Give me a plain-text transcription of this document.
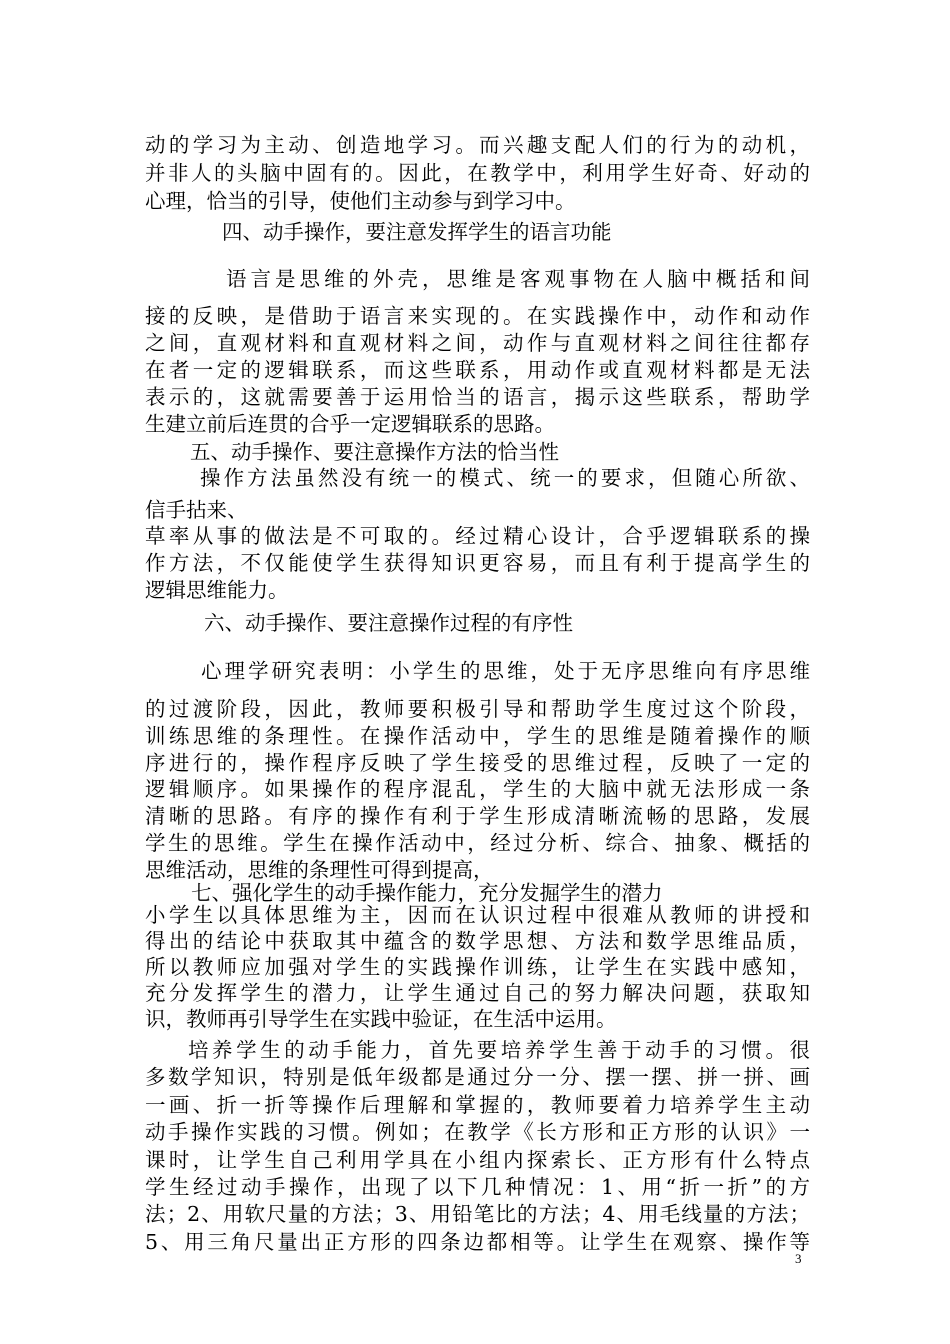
动的学习为主动、创造地学习。而兴趣支配人们的行为的动机，
并非人的头脑中固有的。因此，在教学中，利用学生好奇、好动的
心理，恰当的引导，使他们主动参与到学习中。
四、动手操作，要注意发挥学生的语言功能
语言是思维的外壳，思维是客观事物在人脑中概括和间
接的反映，是借助于语言来实现的。在实践操作中，动作和动作
之间，直观材料和直观材料之间，动作与直观材料之间往往都存
在者一定的逻辑联系，而这些联系，用动作或直观材料都是无法
表示的，这就需要善于运用恰当的语言，揭示这些联系，帮助学
生建立前后连贯的合乎一定逻辑联系的思路。
五、动手操作、要注意操作方法的恰当性
操作方法虽然没有统一的模式、统一的要求，但随心所欲、
信手拈来、
草率从事的做法是不可取的。经过精心设计，合乎逻辑联系的操
作方法，不仅能使学生获得知识更容易，而且有利于提高学生的
逻辑思维能力。
六、动手操作、要注意操作过程的有序性
心理学研究表明：小学生的思维，处于无序思维向有序思维
的过渡阶段，因此，教师要积极引导和帮助学生度过这个阶段，
训练思维的条理性。在操作活动中，学生的思维是随着操作的顺
序进行的，操作程序反映了学生接受的思维过程，反映了一定的
逻辑顺序。如果操作的程序混乱，学生的大脑中就无法形成一条
清晰的思路。有序的操作有利于学生形成清晰流畅的思路，发展
学生的思维。学生在操作活动中，经过分析、综合、抽象、概括的
思维活动，思维的条理性可得到提高，
七、强化学生的动手操作能力，充分发掘学生的潜力
小学生以具体思维为主，因而在认识过程中很难从教师的讲授和
得出的结论中获取其中蕴含的数学思想、方法和数学思维品质，
所以教师应加强对学生的实践操作训练，让学生在实践中感知，
充分发挥学生的潜力，让学生通过自己的努力解决问题，获取知
识，教师再引导学生在实践中验证，在生活中运用。
培养学生的动手能力，首先要培养学生善于动手的习惯。很
多数学知识，特别是低年级都是通过分一分、摆一摆、拼一拼、画
一画、折一折等操作后理解和掌握的，教师要着力培养学生主动
动手操作实践的习惯。例如；在教学《长方形和正方形的认识》一
课时，让学生自己利用学具在小组内探索长、正方形有什么特点
学生经过动手操作，出现了以下几种情况：1、用“折一折”的方
法；2、用软尺量的方法；3、用铅笔比的方法；4、用毛线量的方法；
5、用三角尺量出正方形的四条边都相等。让学生在观察、操作等
3
